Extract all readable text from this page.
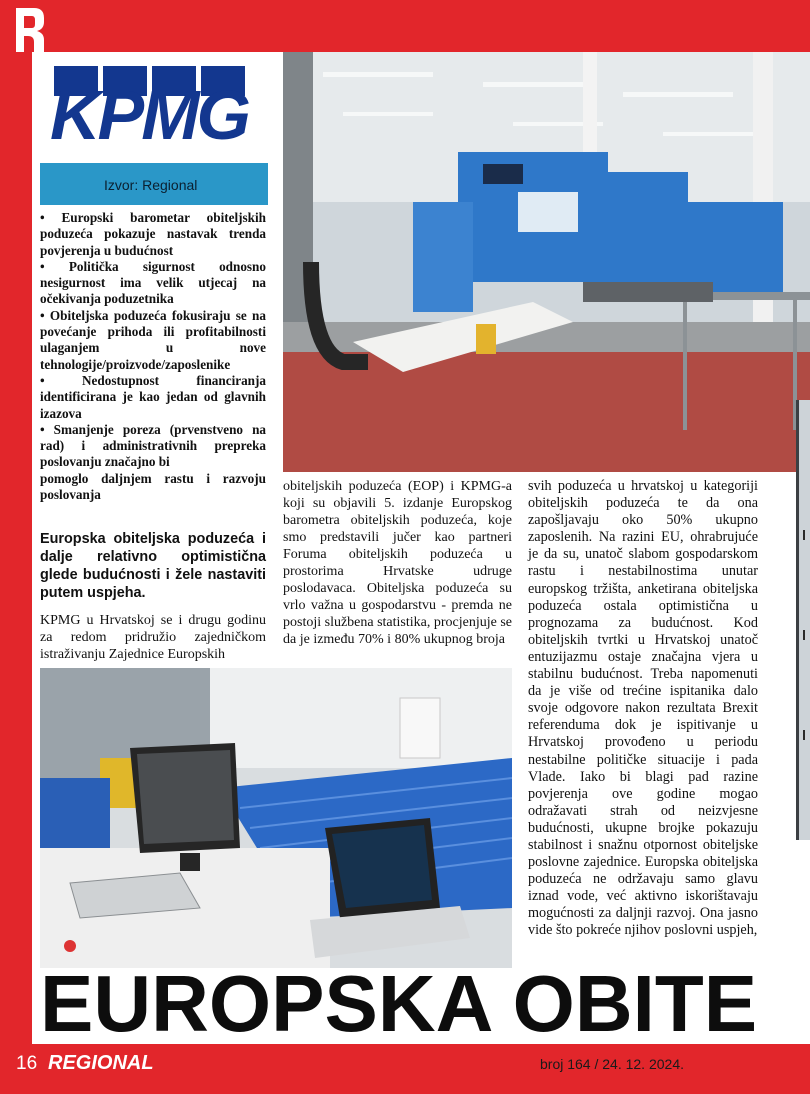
KPMG
Izvor: Regional

• Europski barometar obiteljskih poduzeća pokazuje nastavak trenda povjerenja u budućnost

• Politička sigurnost odnosno nesigurnost ima velik utjecaj na očekivanja poduzetnika

• Obiteljska poduzeća fokusiraju se na povećanje prihoda ili profitabilnosti ulaganjem u nove tehnologije/proizvode/zaposlenike

• Nedostupnost financiranja identificirana je kao jedan od glavnih izazova

• Smanjenje poreza (prvenstveno na rad) i administrativnih prepreka poslovanju značajno bi

pomoglo daljnjem rastu i razvoju poslovanja

Europska obiteljska poduzeća i dalje relativno optimistična glede budućnosti i žele nastaviti putem uspjeha.
KPMG u Hrvatskoj se i drugu godinu za redom pridružio zajedničkom istraživanju Zajednice Europskih
obiteljskih poduzeća (EOP) i KPMG-a koji su objavili 5. izdanje Europskog barometra obiteljskih poduzeća, koje smo predstavili jučer kao partneri Foruma obiteljskih poduzeća u prostorima Hrvatske udruge poslodavaca. Obiteljska poduzeća su vrlo važna u gospodarstvu - premda ne postoji službena statistika, procjenjuje se da je između 70% i 80% ukupnog broja
svih poduzeća u hrvatskoj u kategoriji obiteljskih poduzeća te da ona zapošljavaju oko 50% ukupno zaposlenih. Na razini EU, ohrabrujuće je da su, unatoč slabom gospodarskom rastu i nestabilnostima unutar europskog tržišta, anketirana obiteljska poduzeća ostala optimistična u prognozama za budućnost. Kod obiteljskih tvrtki u Hrvatskoj unatoč entuzijazmu ostaje značajna vjera u stabilnu budućnost. Treba napomenuti da je više od trećine ispitanika dalo svoje odgovore nakon rezultata Brexit referenduma dok je ispitivanje u Hrvatskoj provođeno u periodu nestabilne političke situacije i pada Vlade. Iako bi blagi pad razine povjerenja ove godine mogao odražavati strah od neizvjesne budućnosti, ukupne brojke pokazuju stabilnost i snažnu otpornost obiteljske poslovne zajednice. Europska obiteljska poduzeća ne održavaju samo glavu iznad vode, već aktivno iskorištavaju mogućnosti za daljnji razvoj. Ona jasno vide što pokreće njihov poslovni uspjeh,
EUROPSKA OBITE
16 REGIONAL	broj 164 / 24. 12. 2024.
